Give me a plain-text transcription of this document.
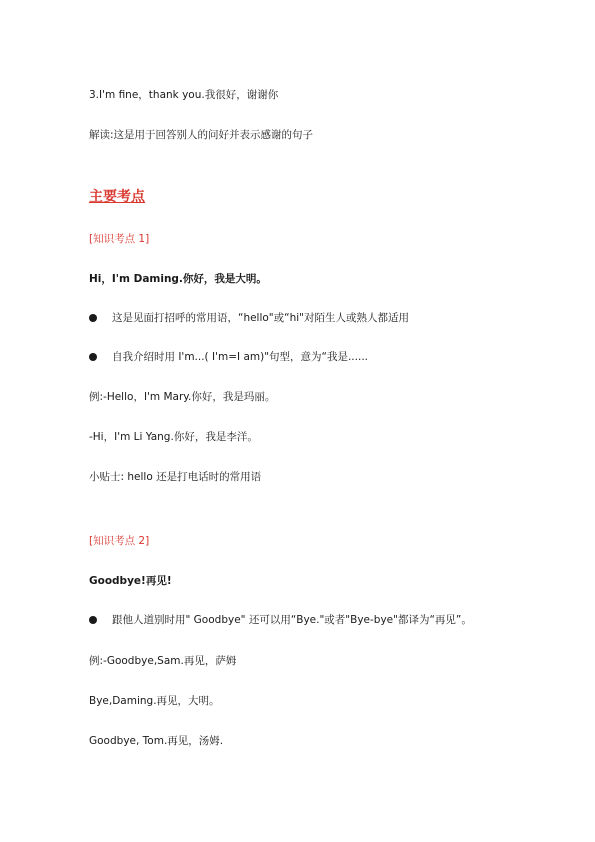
3.I'm fine，thank you.我很好，谢谢你
解读:这是用于回答别人的问好并表示感谢的句子
主要考点
[知识考点 1]
Hi，I'm Daming.你好，我是大明。
这是见面打招呼的常用语，“hello"或“hi"对陌生人或熟人都适用
自我介绍时用 I'm...( I'm=I am)"句型，意为“我是......
例:-Hello，I'm Mary.你好，我是玛丽。
-Hi，I'm Li Yang.你好，我是李洋。
小贴士: hello 还是打电话时的常用语
[知识考点 2]
Goodbye!再见!
跟他人道别时用" Goodbye" 还可以用“Bye."或者"Bye-bye"都译为“再见”。
例:-Goodbye,Sam.再见，萨姆
Bye,Daming.再见，大明。
Goodbye, Tom.再见，汤姆.
